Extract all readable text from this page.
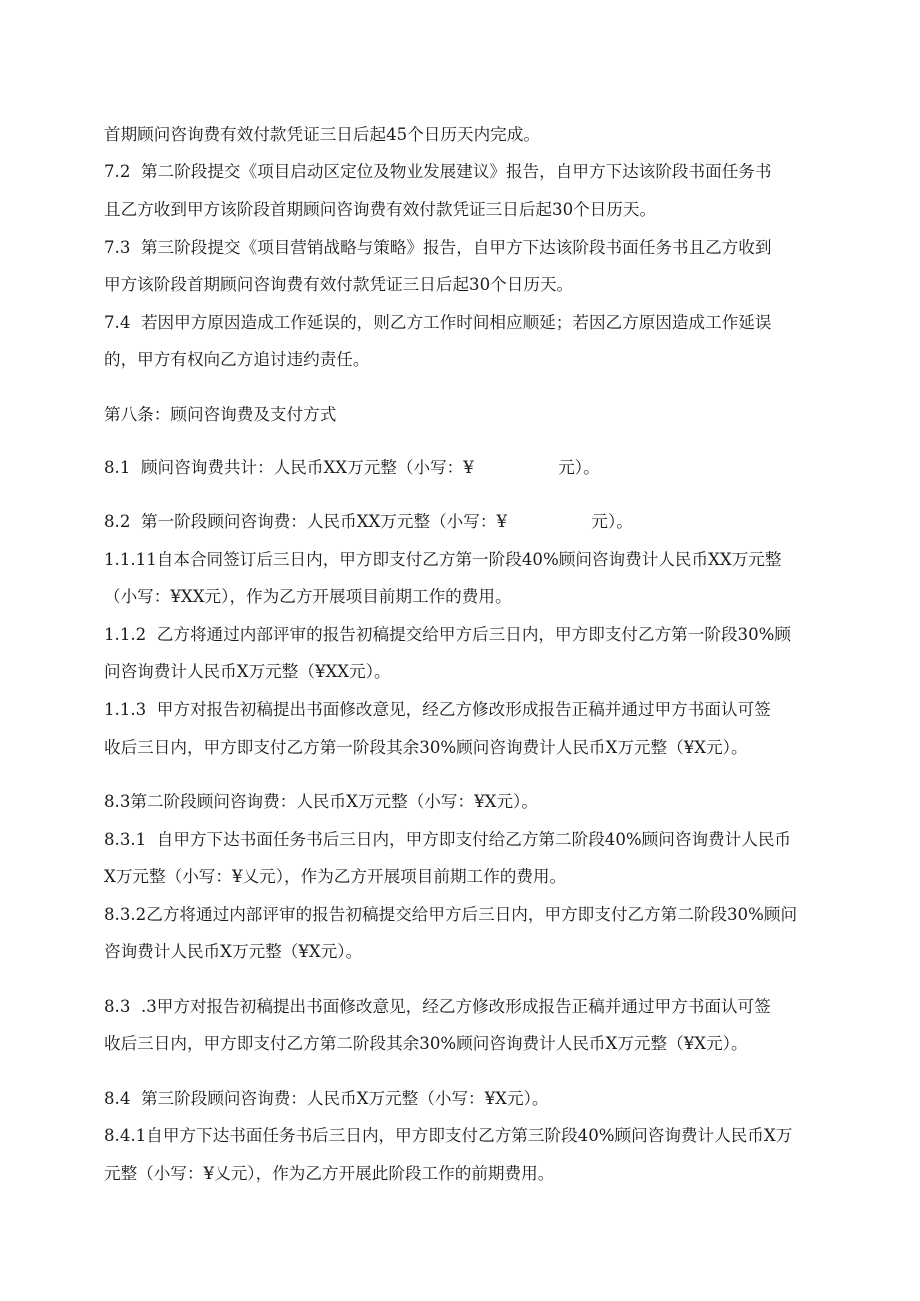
首期顾问咨询费有效付款凭证三日后起45个日历天内完成。
7.2  第二阶段提交《项目启动区定位及物业发展建议》报告，自甲方下达该阶段书面任务书
且乙方收到甲方该阶段首期顾问咨询费有效付款凭证三日后起30个日历天。
7.3  第三阶段提交《项目营销战略与策略》报告，自甲方下达该阶段书面任务书且乙方收到
甲方该阶段首期顾问咨询费有效付款凭证三日后起30个日历天。
7.4  若因甲方原因造成工作延误的，则乙方工作时间相应顺延；若因乙方原因造成工作延误
的，甲方有权向乙方追讨违约责任。
第八条：顾问咨询费及支付方式
8.1  顾问咨询费共计：人民币XX万元整（小写：¥                元）。
8.2  第一阶段顾问咨询费：人民币XX万元整（小写：¥                元）。
1.1.11自本合同签订后三日内，甲方即支付乙方第一阶段40%顾问咨询费计人民币XX万元整
（小写：¥XX元），作为乙方开展项目前期工作的费用。
1.1.2  乙方将通过内部评审的报告初稿提交给甲方后三日内，甲方即支付乙方第一阶段30%顾
问咨询费计人民币X万元整（¥XX元）。
1.1.3  甲方对报告初稿提出书面修改意见，经乙方修改形成报告正稿并通过甲方书面认可签
收后三日内，甲方即支付乙方第一阶段其余30%顾问咨询费计人民币X万元整（¥X元）。
8.3第二阶段顾问咨询费：人民币X万元整（小写：¥X元）。
8.3.1  自甲方下达书面任务书后三日内，甲方即支付给乙方第二阶段40%顾问咨询费计人民币
X万元整（小写：¥乂元），作为乙方开展项目前期工作的费用。
8.3.2乙方将通过内部评审的报告初稿提交给甲方后三日内，甲方即支付乙方第二阶段30%顾问
咨询费计人民币X万元整（¥X元）。
8.3  .3甲方对报告初稿提出书面修改意见，经乙方修改形成报告正稿并通过甲方书面认可签
收后三日内，甲方即支付乙方第二阶段其余30%顾问咨询费计人民币X万元整（¥X元）。
8.4  第三阶段顾问咨询费：人民币X万元整（小写：¥X元）。
8.4.1自甲方下达书面任务书后三日内，甲方即支付乙方第三阶段40%顾问咨询费计人民币X万
元整（小写：¥乂元），作为乙方开展此阶段工作的前期费用。
